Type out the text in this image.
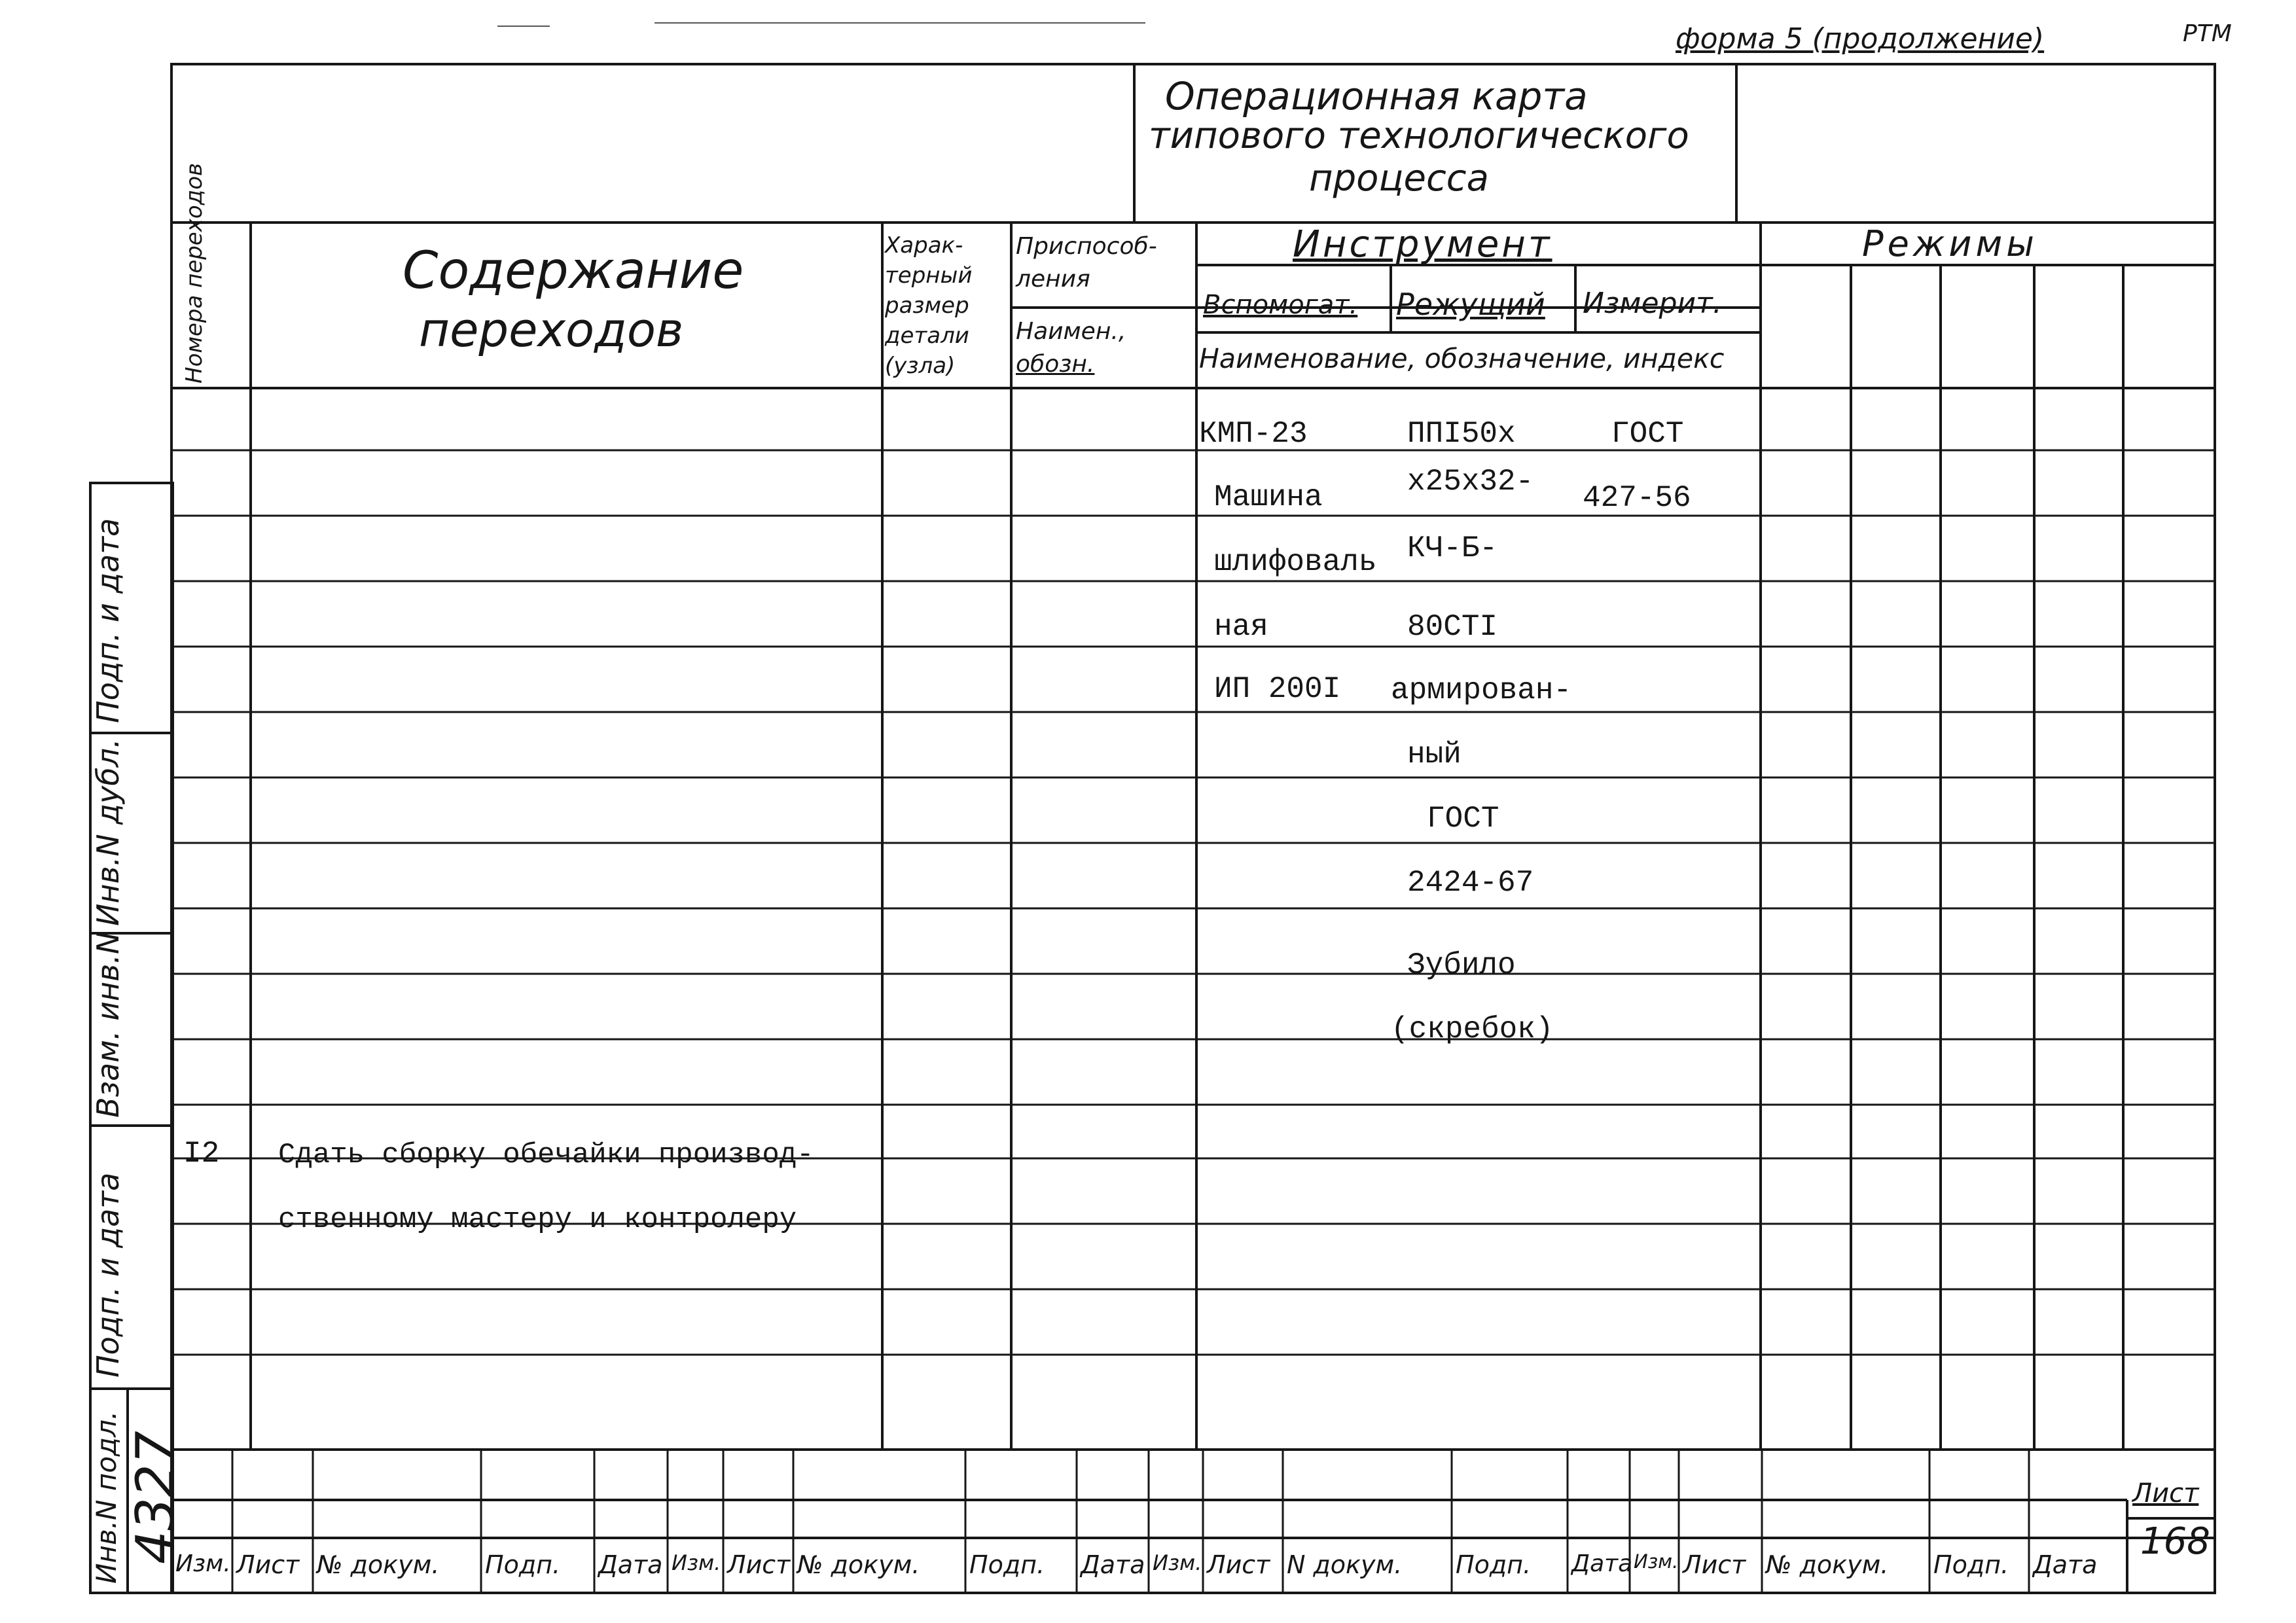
форма 5 (продолжение)	РТМ
Операционная карта
типового технологического
процесса
Номера переходов	Содержание
переходов
Харак-
терный
размер
детали
(узла)
Приспособ-
ления
Наимен.,
обозн.
Инструмент
Вспомогат. Режущий Измерит.
Наименование, обозначение, индекс
Режимы
Подп. и дата
Инв.N дубл.
Взам. инв.N
Подп. и дата
Инв.N подл. 4327
КМП-23
Машина
шлифоваль
ная
ИП 200I
ППI50х
х25х32-
КЧ-Б-
80СТI
армирован-
ный
ГОСТ
2424-67
Зубило
(скребок)
ГОСТ
427-56
I2 Сдать сборку обечайки производ-
ственному мастеру и контролеру
Изм. Лист № докум. Подп. Дата Изм. Лист № докум. Подп. Дата Изм. Лист N докум. Подп. Дата Изм. Лист № докум. Подп. Дата
Лист
168
